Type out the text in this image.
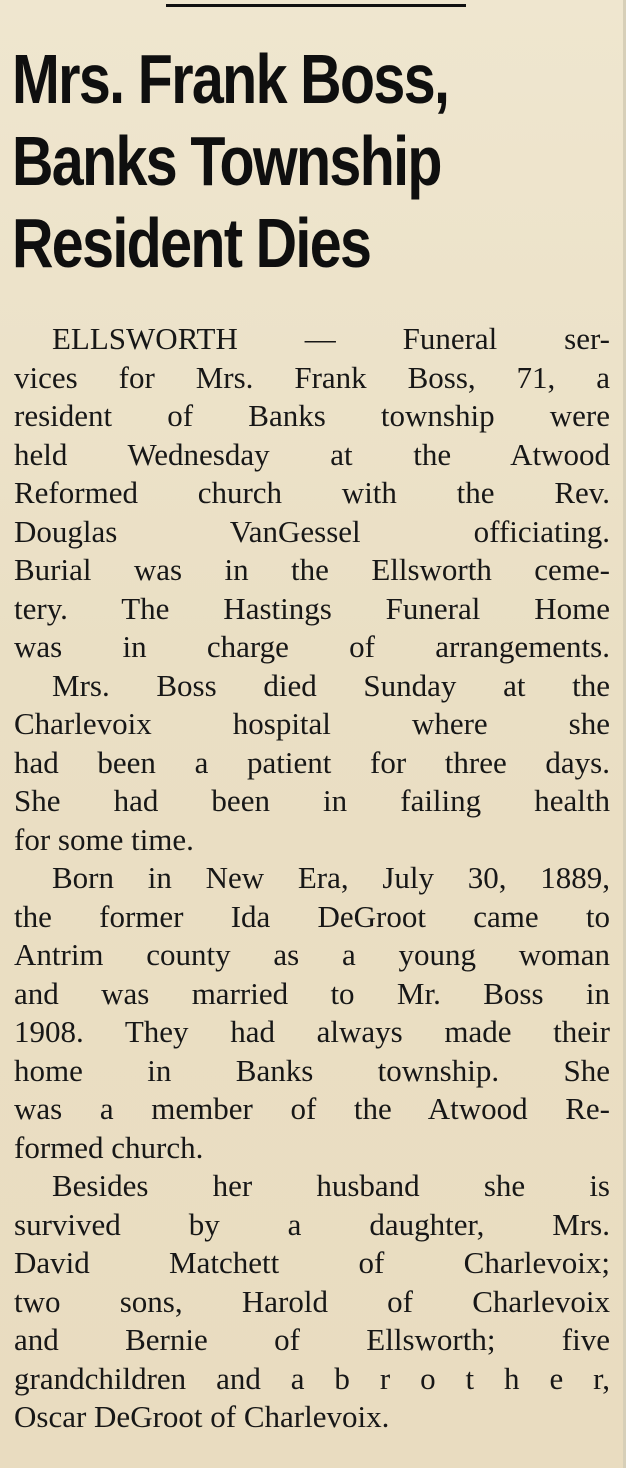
Mrs. Frank Boss,
Banks Township
Resident Dies
ELLSWORTH — Funeral ser-
vices for Mrs. Frank Boss, 71, a
resident of Banks township were
held Wednesday at the Atwood
Reformed church with the Rev.
Douglas VanGessel officiating.
Burial was in the Ellsworth ceme-
tery. The Hastings Funeral Home
was in charge of arrangements.
Mrs. Boss died Sunday at the
Charlevoix hospital where she
had been a patient for three days.
She had been in failing health
for some time.
Born in New Era, July 30, 1889,
the former Ida DeGroot came to
Antrim county as a young woman
and was married to Mr. Boss in
1908. They had always made their
home in Banks township. She
was a member of the Atwood Re-
formed church.
Besides her husband she is
survived by a daughter, Mrs.
David Matchett of Charlevoix;
two sons, Harold of Charlevoix
and Bernie of Ellsworth; five
grandchildren and a b r o t h e r,
Oscar DeGroot of Charlevoix.
